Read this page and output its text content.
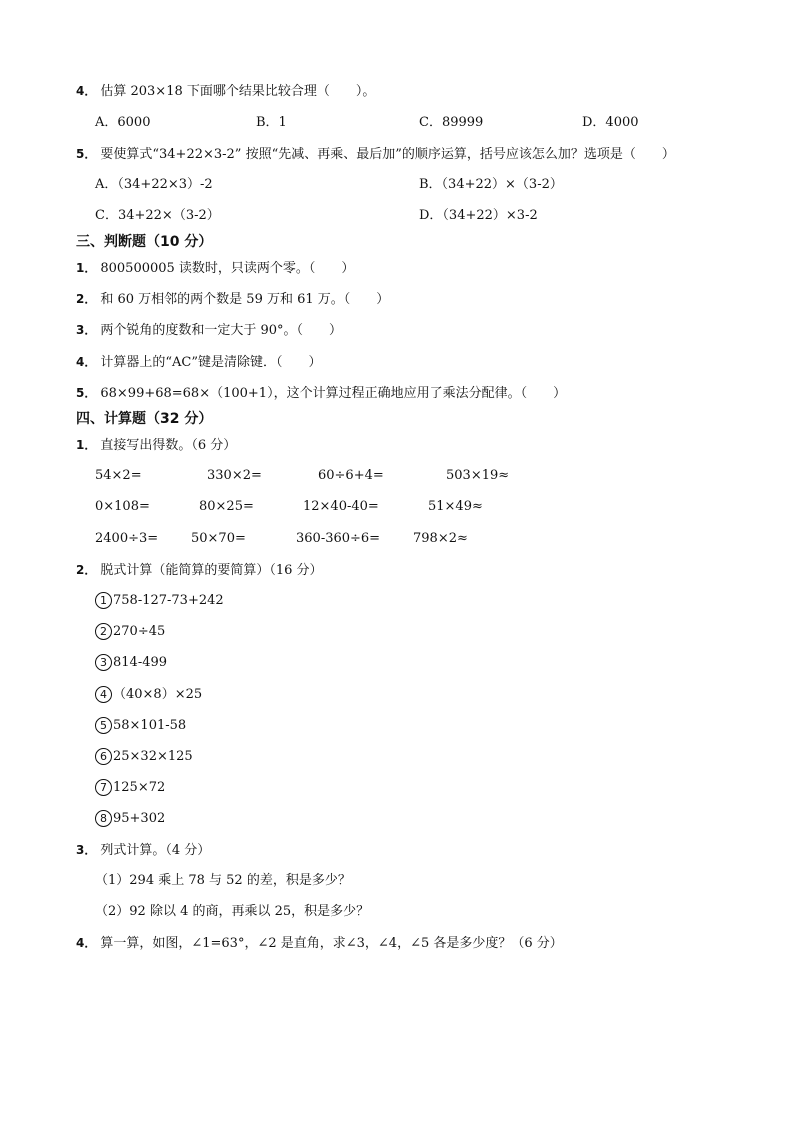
4． 估算 203×18 下面哪个结果比较合理（　　）。
A．6000	B．1	C．89999	D．4000
5． 要使算式“34+22×3-2” 按照“先减、再乘、最后加”的顺序运算，括号应该怎么加？选项是（　　）
A．（34+22×3）-2	B．（34+22）×（3-2）
C．34+22×（3-2）	D．（34+22）×3-2
三、判断题（10 分）
1． 800500005 读数时，只读两个零。（　　）
2． 和 60 万相邻的两个数是 59 万和 61 万。（　　）
3． 两个锐角的度数和一定大于 90°。（　　）
4． 计算器上的“AC”键是清除键．（　　）
5． 68×99+68=68×（100+1），这个计算过程正确地应用了乘法分配律。（　　）
四、计算题（32 分）
1． 直接写出得数。（6 分）
54×2=	330×2=	60÷6+4=	503×19≈
0×108=	80×25=	12×40-40=	51×49≈
2400÷3=	50×70=	360-360÷6=	798×2≈
2． 脱式计算（能简算的要简算）（16 分）
1 758-127-73+242
2 270÷45
3 814-499
4 （40×8）×25
5 58×101-58
6 25×32×125
7 125×72
8 95+302
3． 列式计算。（4 分）
（1）294 乘上 78 与 52 的差，积是多少？
（2）92 除以 4 的商，再乘以 25，积是多少？
4． 算一算，如图，∠1=63°，∠2 是直角，求∠3，∠4，∠5 各是多少度？（6 分）
